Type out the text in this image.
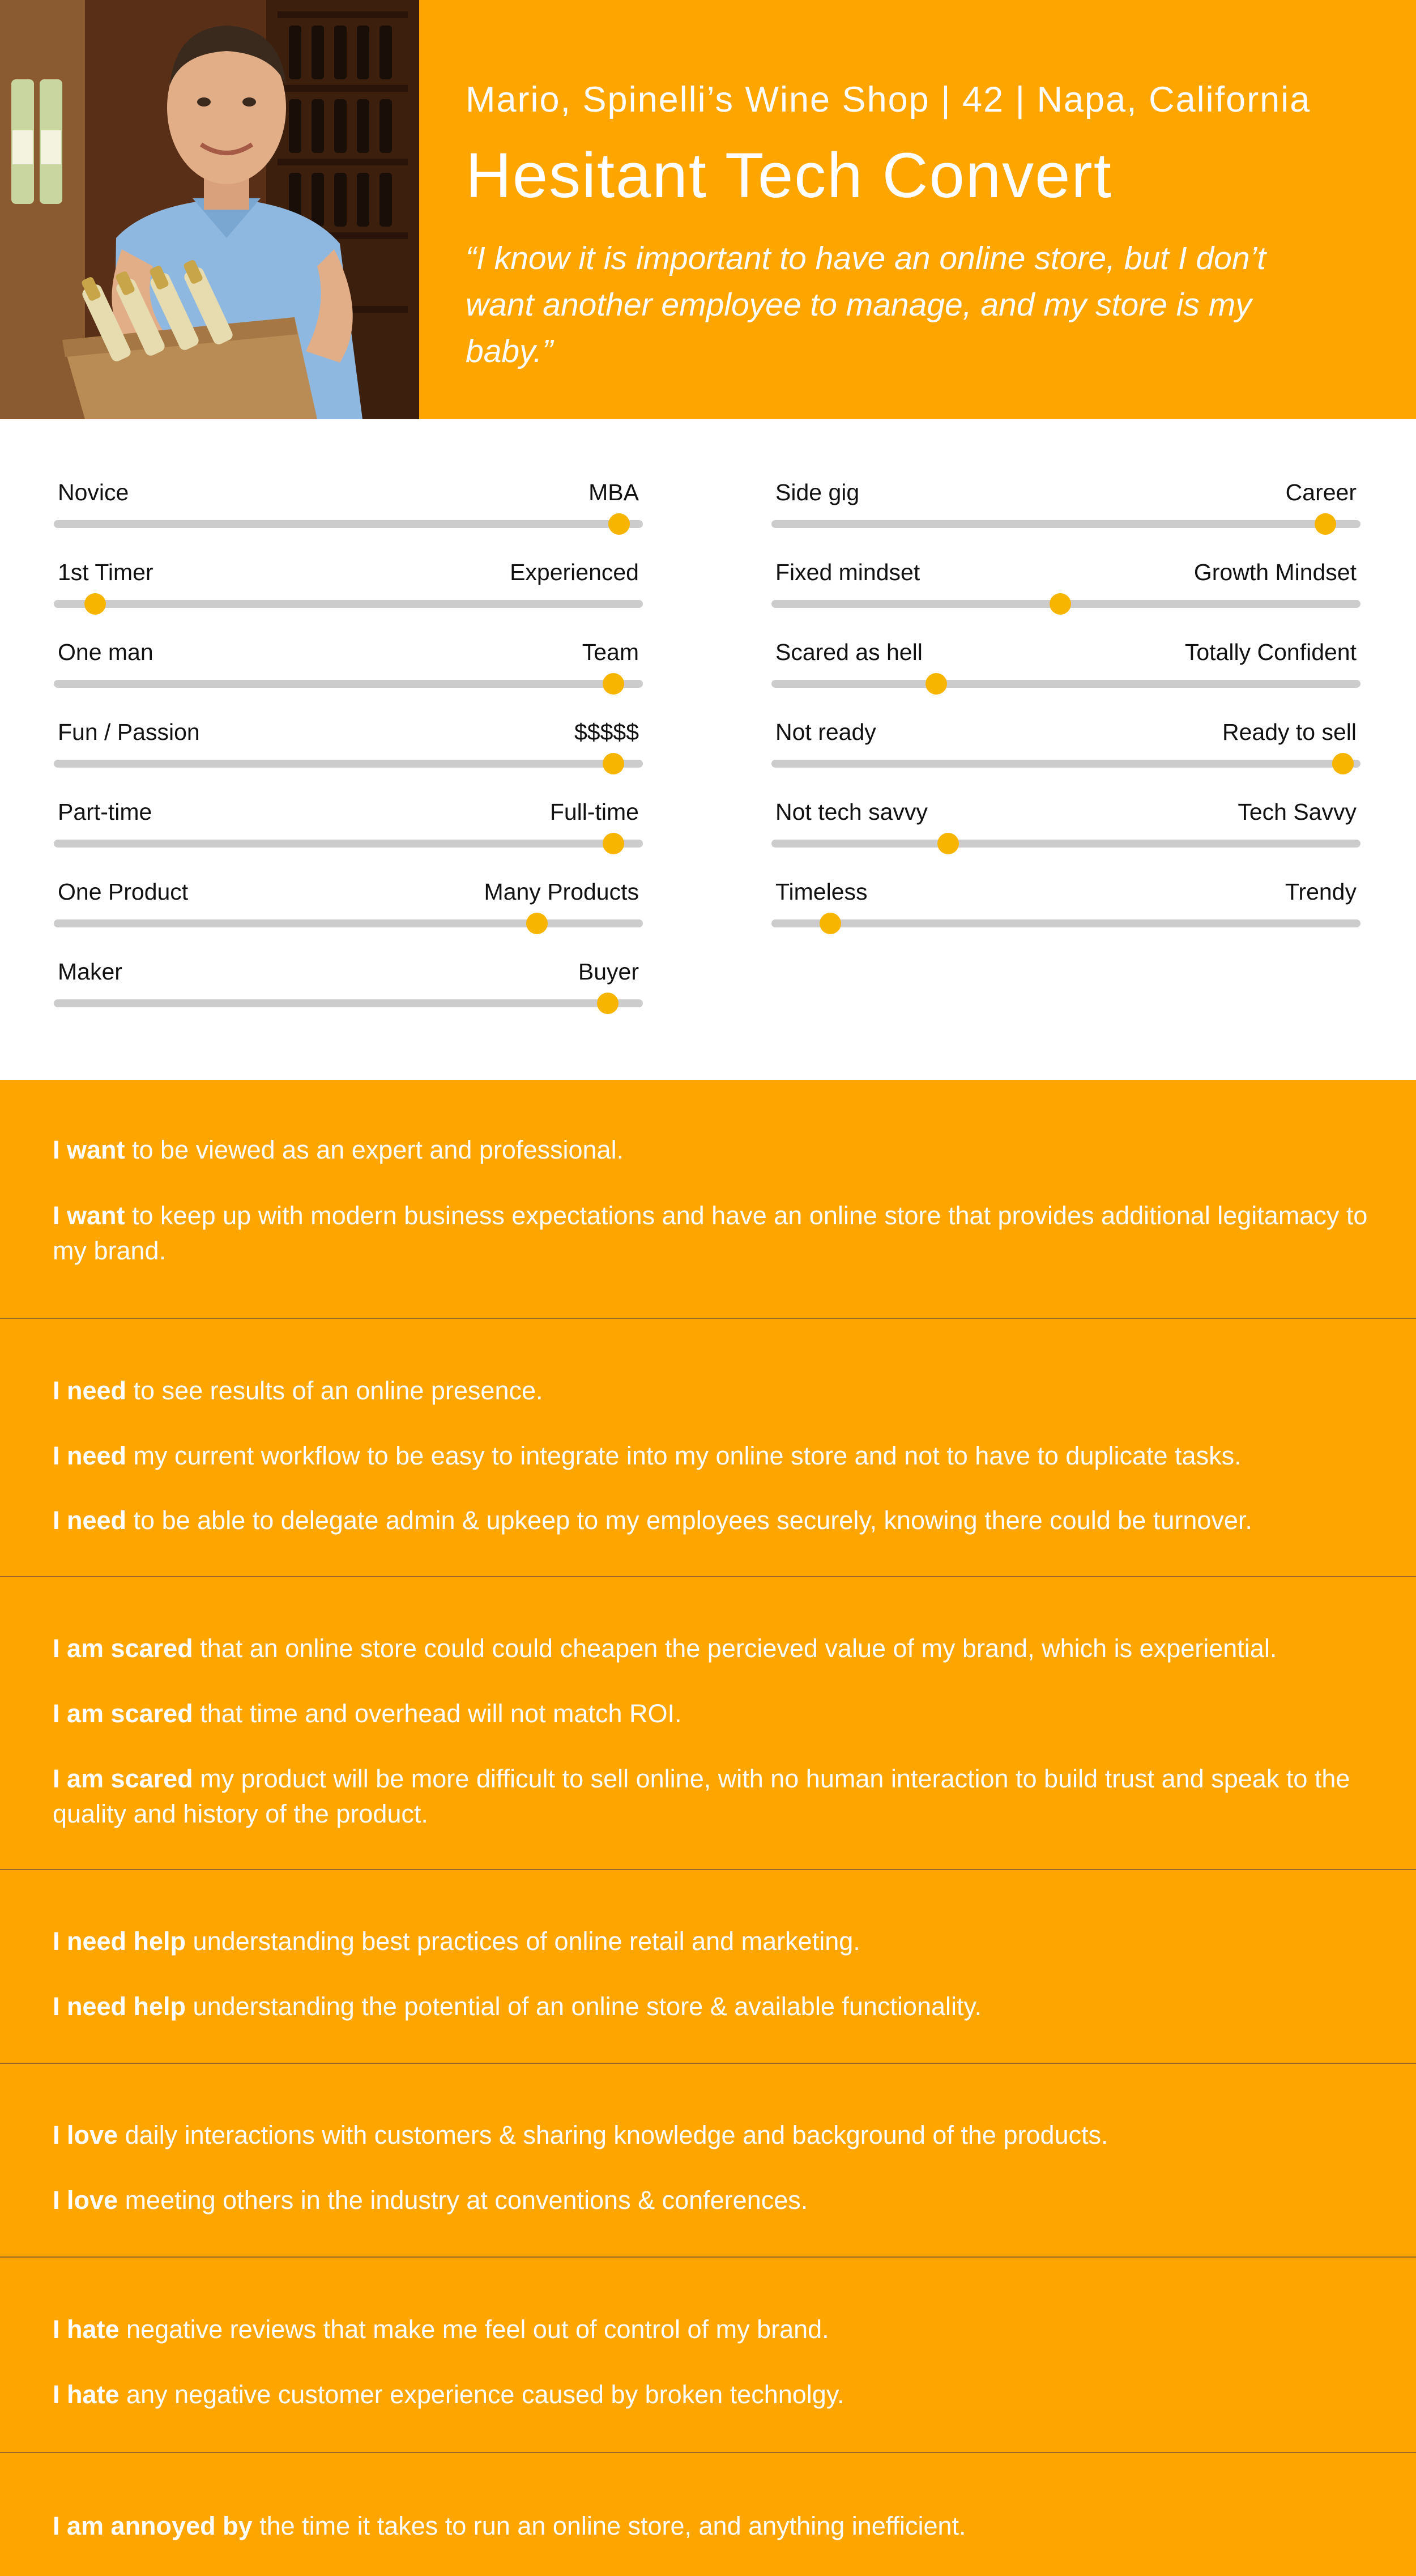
Mario, Spinelli’s Wine Shop | 42 | Napa, California
Hesitant Tech Convert
“I know it is important to have an online store, but I don’t want another employee to manage, and my store is my baby.”
Novice	MBA
1st Timer	Experienced
One man	Team
Fun / Passion	$$$$$
Part-time	Full-time
One Product	Many Products
Maker	Buyer
Side gig	Career
Fixed mindset	Growth Mindset
Scared as hell	Totally Confident
Not ready	Ready to sell
Not tech savvy	Tech Savvy
Timeless	Trendy
I want to be viewed as an expert and professional.
I want to keep up with modern business expectations and have an online store that provides additional legitamacy to my brand.
I need to see results of an online presence.
I need my current workflow to be easy to integrate into my online store and not to have to duplicate tasks.
I need to be able to delegate admin & upkeep to my employees securely, knowing there could be turnover.
I am scared that an online store could could cheapen the percieved value of my brand, which is experiential.
I am scared that time and overhead will not match ROI.
I am scared my product will be more difficult to sell online, with no human interaction to build trust and speak to the quality and history of the product.
I need help understanding best practices of online retail and marketing.
I need help understanding the potential of an online store & available functionality.
I love daily interactions with customers & sharing knowledge and background of the products.
I love meeting others in the industry at conventions & conferences.
I hate negative reviews that make me feel out of control of my brand.
I hate any negative customer experience caused by broken technolgy.
I am annoyed by the time it takes to run an online store, and anything inefficient.
